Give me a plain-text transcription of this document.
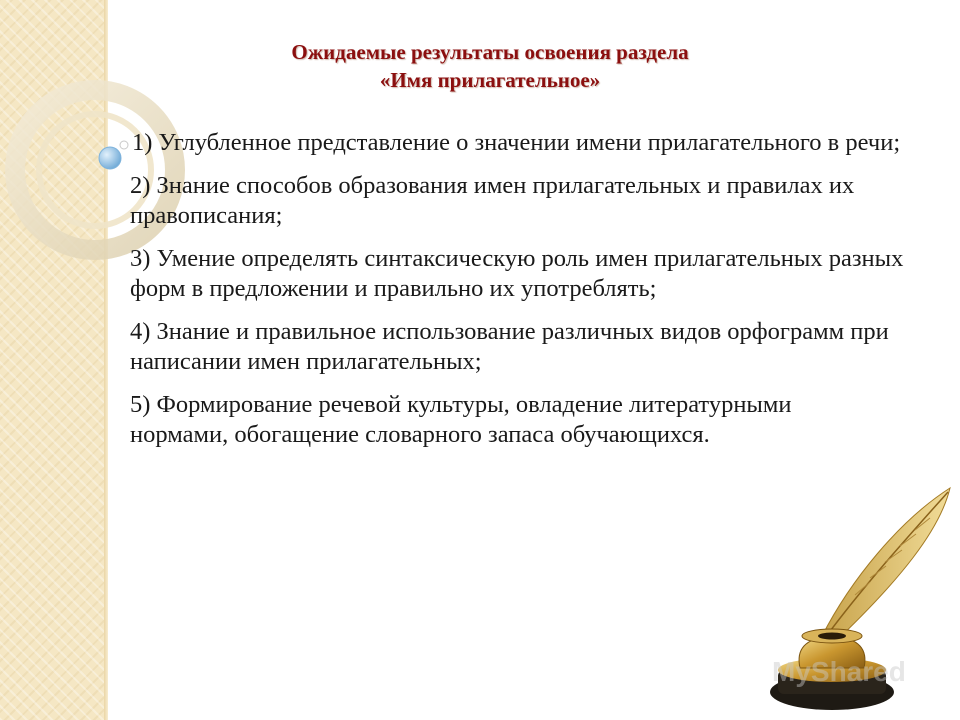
Ожидаемые результаты освоения раздела
«Имя прилагательное»
1) Углубленное представление о значении имени прилагательного в речи;
2) Знание способов образования имен прилагательных и правилах их правописания;
3) Умение определять синтаксическую роль имен прилагательных разных форм в предложении и правильно их употреблять;
4) Знание и правильное использование различных видов орфограмм при написании имен прилагательных;
5) Формирование речевой культуры, овладение литературными нормами, обогащение словарного запаса обучающихся.
MyShared
